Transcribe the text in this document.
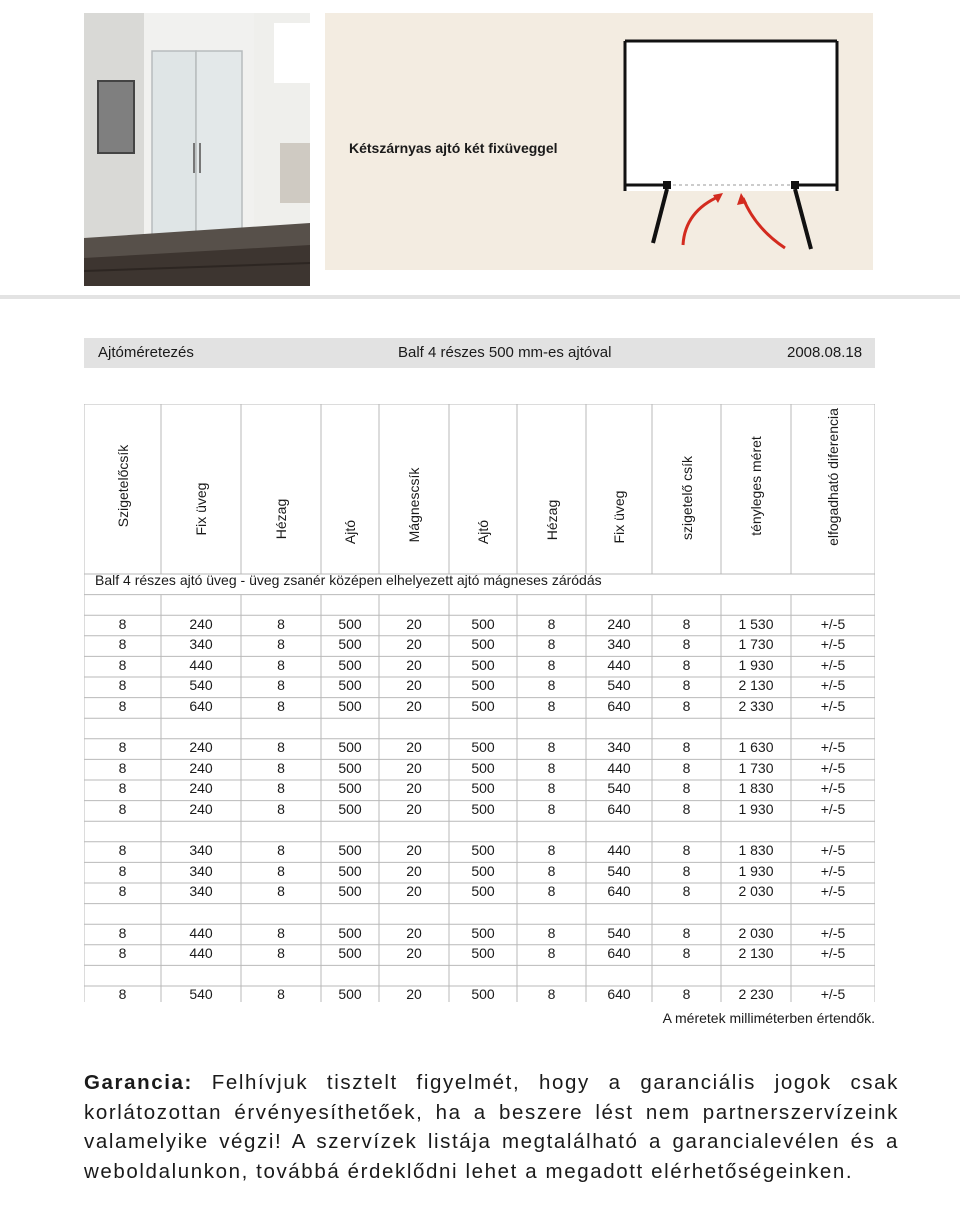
Kétszárnyas ajtó két fixüveggel
Ajtóméretezés	Balf 4 részes 500 mm-es ajtóval	2008.08.18
Balf 4 részes ajtó üveg - üveg zsanér középen elhelyezett ajtó mágneses záródás
8	240	8	500	20	500	8	240	8	1 530	+/-5
8	340	8	500	20	500	8	340	8	1 730	+/-5
8	440	8	500	20	500	8	440	8	1 930	+/-5
8	540	8	500	20	500	8	540	8	2 130	+/-5
8	640	8	500	20	500	8	640	8	2 330	+/-5
8	240	8	500	20	500	8	340	8	1 630	+/-5
8	240	8	500	20	500	8	440	8	1 730	+/-5
8	240	8	500	20	500	8	540	8	1 830	+/-5
8	240	8	500	20	500	8	640	8	1 930	+/-5
8	340	8	500	20	500	8	440	8	1 830	+/-5
8	340	8	500	20	500	8	540	8	1 930	+/-5
8	340	8	500	20	500	8	640	8	2 030	+/-5
8	440	8	500	20	500	8	540	8	2 030	+/-5
8	440	8	500	20	500	8	640	8	2 130	+/-5
8	540	8	500	20	500	8	640	8	2 230	+/-5
A méretek milliméterben értendők.
Garancia: Felhívjuk tisztelt figyelmét, hogy a garanciális jogok csak korlátozottan érvényesíthetőek, ha a beszere lést nem partnerszervízeink valamelyike végzi! A szervízek listája megtalálható a garancialevélen és a weboldalunkon, továbbá érdeklődni lehet a megadott elérhetőségeinken.
Szigetelőcsík	Fix üveg	Hézag	Ajtó	Mágnescsík	Ajtó	Hézag	Fix üveg	szigetelő csík	tényleges méret	elfogadható diferencia
